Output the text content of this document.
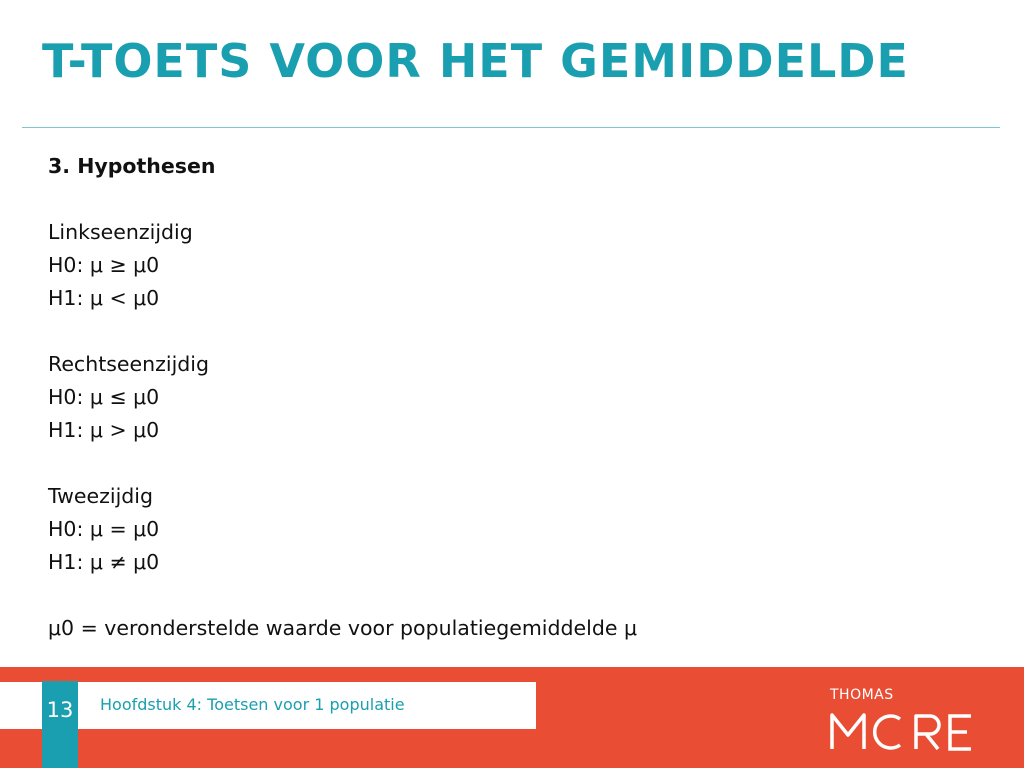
T-TOETS VOOR HET GEMIDDELDE
3. Hypothesen
Linkseenzijdig
H0: μ ≥ μ0
H1: μ < μ0
Rechtseenzijdig
H0: μ ≤ μ0
H1: μ > μ0
Tweezijdig
H0: μ = μ0
H1: μ ≠ μ0
μ0 = veronderstelde waarde voor populatiegemiddelde μ
Hoofdstuk 4: Toetsen voor 1 populatie
13
THOMAS
